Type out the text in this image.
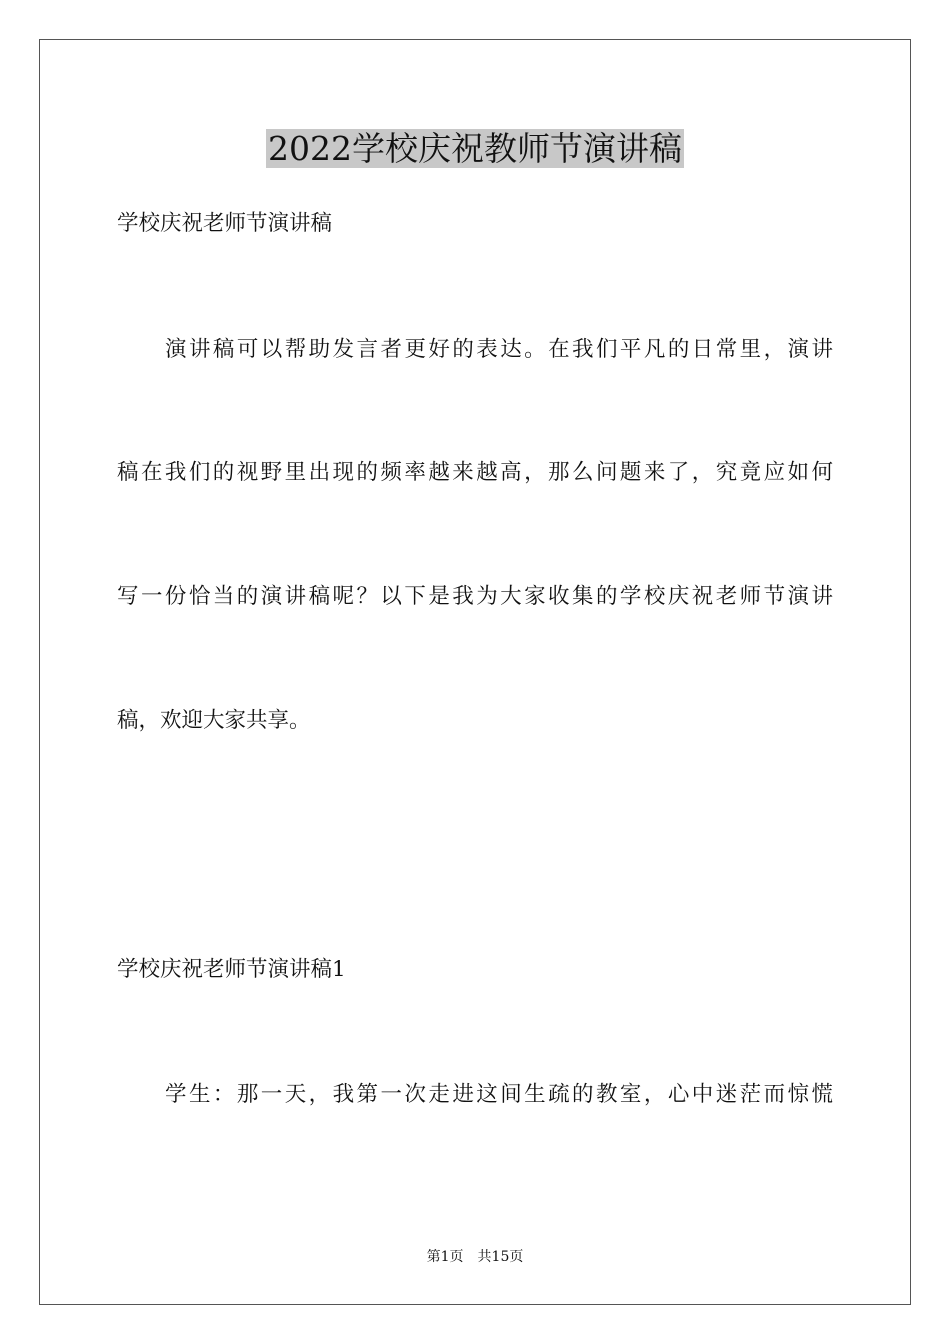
2022学校庆祝教师节演讲稿

学校庆祝老师节演讲稿

演讲稿可以帮助发言者更好的表达。在我们平凡的日常里，演讲

稿在我们的视野里出现的频率越来越高，那么问题来了，究竟应如何

写一份恰当的演讲稿呢？以下是我为大家收集的学校庆祝老师节演讲

稿，欢迎大家共享。

学校庆祝老师节演讲稿1

学生：那一天，我第一次走进这间生疏的教室，心中迷茫而惊慌

第1页　共15页
